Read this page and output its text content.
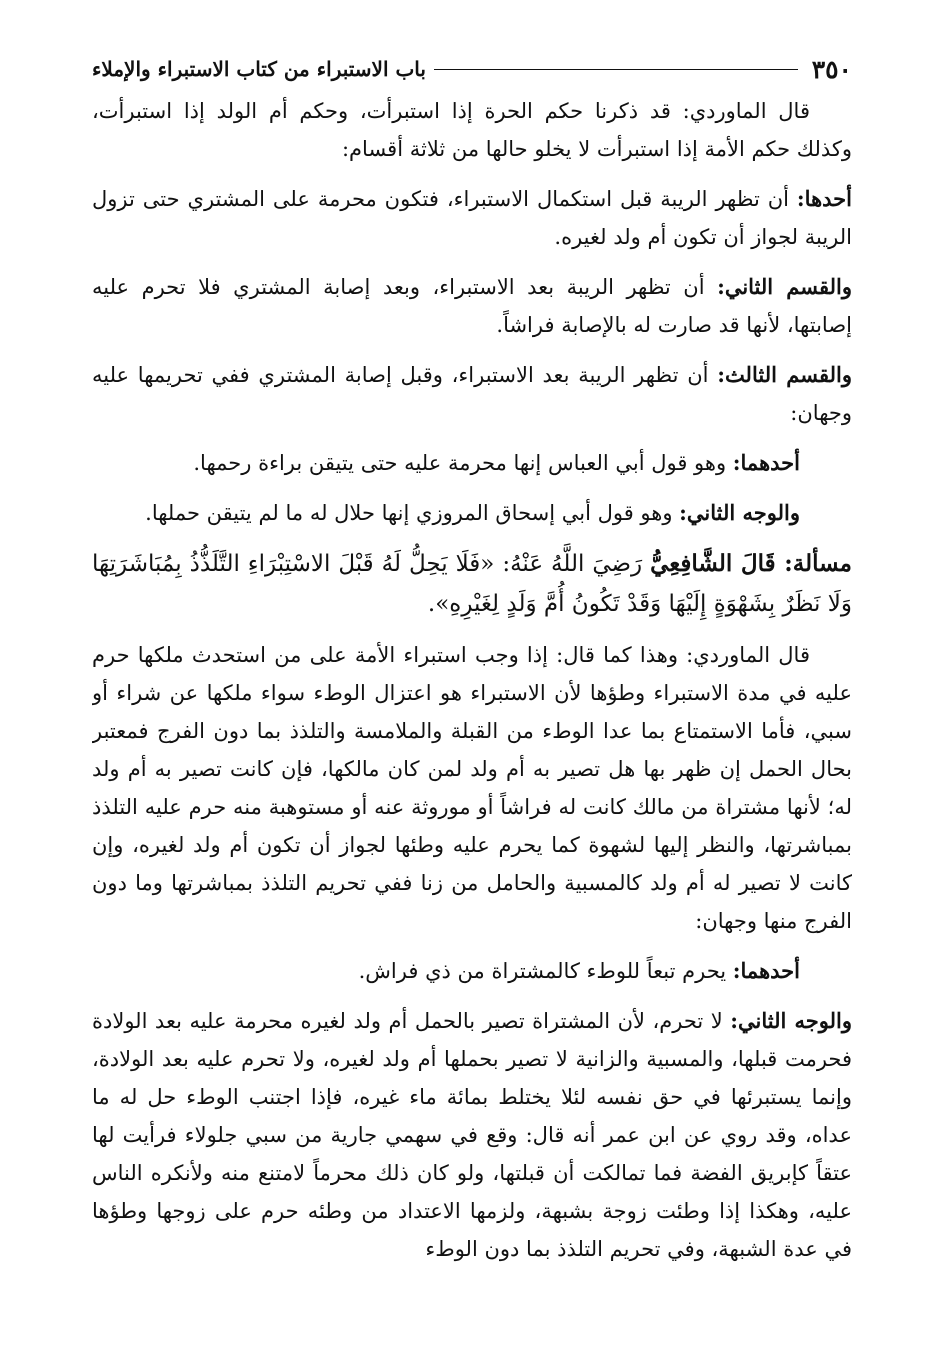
٣٥٠
باب الاستبراء من كتاب الاستبراء والإملاء

قال الماوردي: قد ذكرنا حكم الحرة إذا استبرأت، وحكم أم الولد إذا استبرأت، وكذلك حكم الأمة إذا استبرأت لا يخلو حالها من ثلاثة أقسام:

أحدها: أن تظهر الريبة قبل استكمال الاستبراء، فتكون محرمة على المشتري حتى تزول الريبة لجواز أن تكون أم ولد لغيره.

والقسم الثاني: أن تظهر الريبة بعد الاستبراء، وبعد إصابة المشتري فلا تحرم عليه إصابتها، لأنها قد صارت له بالإصابة فراشاً.

والقسم الثالث: أن تظهر الريبة بعد الاستبراء، وقبل إصابة المشتري ففي تحريمها عليه وجهان:

أحدهما: وهو قول أبي العباس إنها محرمة عليه حتى يتيقن براءة رحمها.

والوجه الثاني: وهو قول أبي إسحاق المروزي إنها حلال له ما لم يتيقن حملها.

مسألة: قَالَ الشَّافِعِيُّ رَضِيَ اللَّهُ عَنْهُ: «فَلَا يَحِلُّ لَهُ قَبْلَ الاسْتِبْرَاءِ التَّلَذُّذُ بِمُبَاشَرَتِهَا وَلَا نَظَرٌ بِشَهْوَةٍ إِلَيْهَا وَقَدْ تَكُونُ أُمَّ وَلَدٍ لِغَيْرِهِ».

قال الماوردي: وهذا كما قال: إذا وجب استبراء الأمة على من استحدث ملكها حرم عليه في مدة الاستبراء وطؤها لأن الاستبراء هو اعتزال الوطء سواء ملكها عن شراء أو سبي، فأما الاستمتاع بما عدا الوطء من القبلة والملامسة والتلذذ بما دون الفرج فمعتبر بحال الحمل إن ظهر بها هل تصير به أم ولد لمن كان مالكها، فإن كانت تصير به أم ولد له؛ لأنها مشتراة من مالك كانت له فراشاً أو موروثة عنه أو مستوهبة منه حرم عليه التلذذ بمباشرتها، والنظر إليها لشهوة كما يحرم عليه وطئها لجواز أن تكون أم ولد لغيره، وإن كانت لا تصير له أم ولد كالمسبية والحامل من زنا ففي تحريم التلذذ بمباشرتها وما دون الفرج منها وجهان:

أحدهما: يحرم تبعاً للوطء كالمشتراة من ذي فراش.

والوجه الثاني: لا تحرم، لأن المشتراة تصير بالحمل أم ولد لغيره محرمة عليه بعد الولادة فحرمت قبلها، والمسبية والزانية لا تصير بحملها أم ولد لغيره، ولا تحرم عليه بعد الولادة، وإنما يستبرئها في حق نفسه لئلا يختلط بمائة ماء غيره، فإذا اجتنب الوطء حل له ما عداه، وقد روي عن ابن عمر أنه قال: وقع في سهمي جارية من سبي جلولاء فرأيت لها عتقاً كإبريق الفضة فما تمالكت أن قبلتها، ولو كان ذلك محرماً لامتنع منه ولأنكره الناس عليه، وهكذا إذا وطئت زوجة بشبهة، ولزمها الاعتداد من وطئه حرم على زوجها وطؤها في عدة الشبهة، وفي تحريم التلذذ بما دون الوطء
